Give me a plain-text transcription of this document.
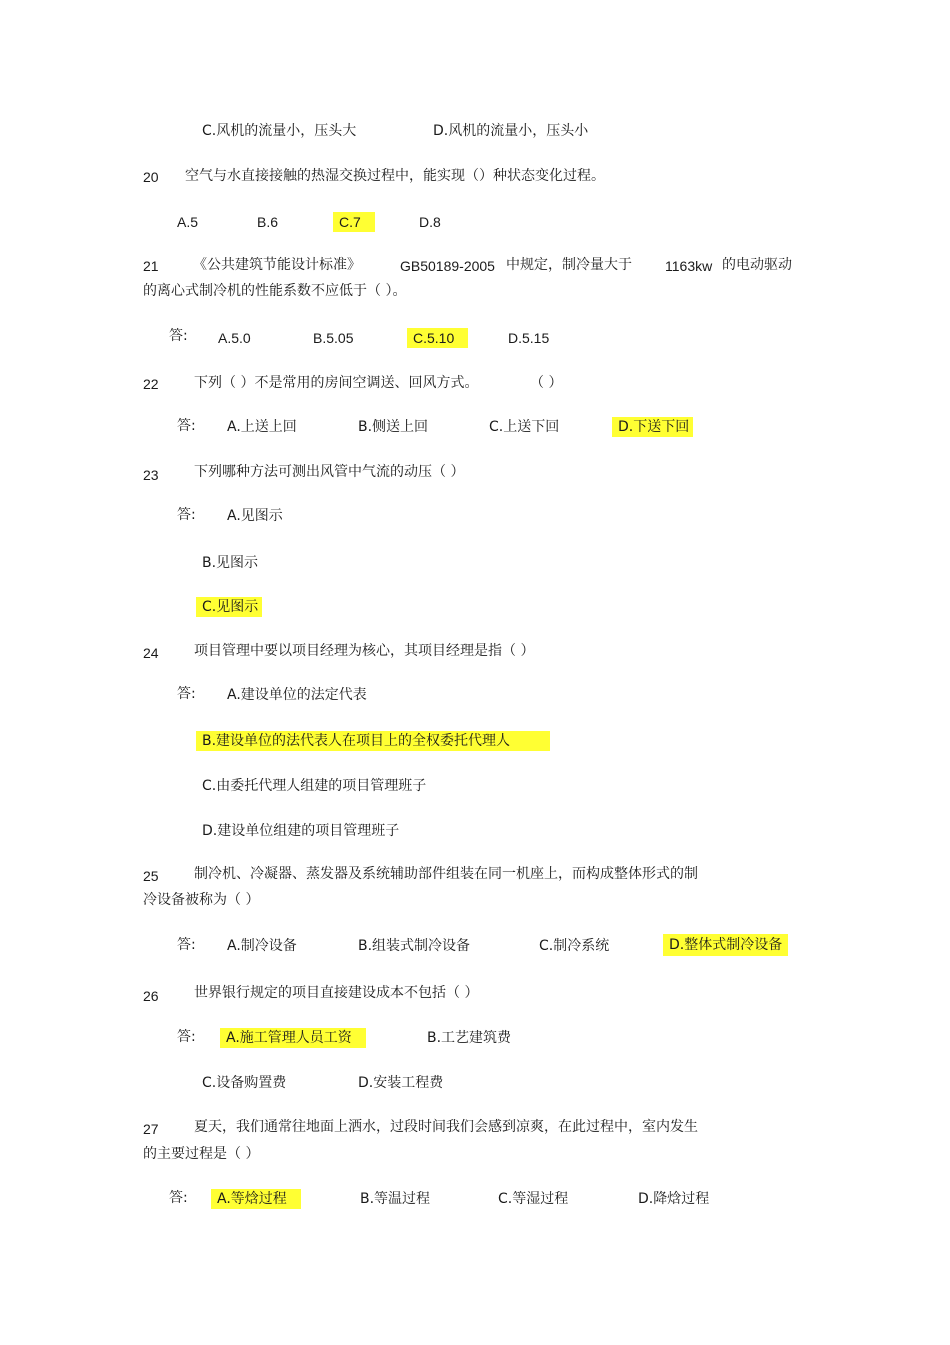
C.风机的流量小，压头大	D.风机的流量小，压头小
20 空气与水直接接触的热湿交换过程中，能实现（）种状态变化过程。
A.5	B.6	C.7	D.8
21 《公共建筑节能设计标准》	GB50189-2005 中规定，制冷量大于 1163kw 的电动驱动
的离心式制冷机的性能系数不应低于（ ）。
答: A.5.0	B.5.05	C.5.10	D.5.15
22	下列（ ）不是常用的房间空调送、回风方式。	（ ）
答: A.上送上回	B.侧送上回	C.上送下回	D.下送下回
23	下列哪种方法可测出风管中气流的动压（ ）
答: A.见图示
B.见图示
C.见图示
24	项目管理中要以项目经理为核心，其项目经理是指（ ）
答: A.建设单位的法定代表
B.建设单位的法代表人在项目上的全权委托代理人
C.由委托代理人组建的项目管理班子
D.建设单位组建的项目管理班子
25	制冷机、冷凝器、蒸发器及系统辅助部件组装在同一机座上，而构成整体形式的制
冷设备被称为（ ）
答: A.制冷设备	B.组装式制冷设备	C.制冷系统	D.整体式制冷设备
26	世界银行规定的项目直接建设成本不包括（ ）
答:	A.施工管理人员工资	B.工艺建筑费
C.设备购置费	D.安装工程费
27	夏天，我们通常往地面上洒水，过段时间我们会感到凉爽，在此过程中，室内发生
的主要过程是（ ）
答:	A.等焓过程	B.等温过程	C.等湿过程	D.降焓过程
